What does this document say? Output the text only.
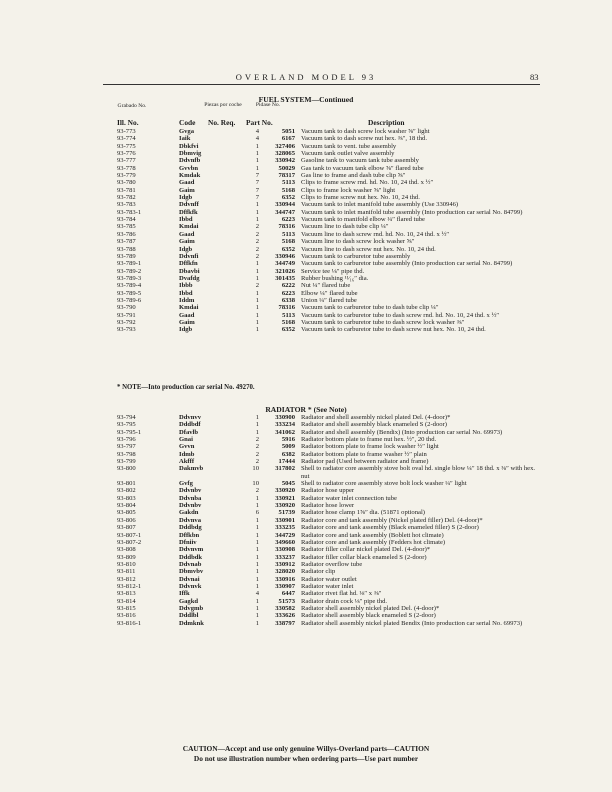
OVERLAND MODEL 93	83
FUEL SYSTEM—Continued
Grabado No.	Piezas por coche	Pidase No.
Ill. No.	Code No. Req. Part No.	Description
93-773	Gvga	4	5051 Vacuum tank to dash screw lock washer ⅝″ light
93-774	Iaik	4	6167 Vacuum tank to dash screw nut hex. ⅜″, 18 thd.
93-775	Dbkfvi	1	327406 Vacuum tank to vent. tube assembly
93-776	Dbmvig	1	328065 Vacuum tank outlet valve assembly
93-777	Ddvnfb	1	330942 Gasoline tank to vacuum tank tube assembly
93-778	Gvvbn	1	50029 Gas tank to vacuum tank elbow ⅝″ flared tube
93-779	Kmdak	7	78317 Gas line to frame and dash tube clip ⅝″
93-780	Gaad	7	5113 Clips to frame screw rnd. hd. No. 10, 24 thd. x ½″
93-781	Gaim	7	5168 Clips to frame lock washer ⅝″ light
93-782	Idgb	7	6352 Clips to frame screw nut hex. No. 10, 24 thd.
93-783	Ddvnff	1	330944 Vacuum tank to inlet manifold tube assembly (Use 330946)
93-783-1	Dffkfk	1	344747 Vacuum tank to inlet manifold tube assembly (Into production car serial No. 84799)
93-784	Ibbd	1	6223 Vacuum tank to manifold elbow ¼″ flared tube
93-785	Kmdai	2	78316 Vacuum line to dash tube clip ¼″
93-786	Gaad	2	5113 Vacuum line to dash screw rnd. hd. No. 10, 24 thd. x ½″
93-787	Gaim	2	5168 Vacuum line to dash screw lock washer ⅝″
93-788	Idgb	2	6352 Vacuum line to dash screw nut hex. No. 10, 24 thd.
93-789	Ddvnfi	2	330946 Vacuum tank to carburetor tube assembly
93-789-1	Dffkfn	1	344749 Vacuum tank to carburetor tube assembly (Into production car serial No. 84799)
93-789-2	Dbavbi	1	321026 Service tee ⅛″ pipe thd.
93-789-3	Dvafdg	1	301435 Rubber bushing ¹¹⁄₁₆″ dia.
93-789-4	Ibbb	2	6222 Nut ¼″ flared tube
93-789-5	Ibbd	1	6223 Elbow ¼″ flared tube
93-789-6	Iddm	1	6338 Union ¼″ flared tube
93-790	Kmdai	1	78316 Vacuum tank to carburetor tube to dash tube clip ¼″
93-791	Gaad	1	5113 Vacuum tank to carburetor tube to dash screw rnd. hd. No. 10, 24 thd. x ½″
93-792	Gaim	1	5168 Vacuum tank to carburetor tube to dash screw lock washer ⅜″
93-793	Idgb	1	6352 Vacuum tank to carburetor tube to dash screw nut hex. No. 10, 24 thd.
* NOTE—Into production car serial No. 49270.
RADIATOR * (See Note)
93-794	Ddvnvv	1	330900 Radiator and shell assembly nickel plated Del. (4-door)*
93-795	Dddbdf	1	333234 Radiator and shell assembly black enameled S (2-door)
93-795-1	Dfavlb	1	341062 Radiator and shell assembly (Bendix) (Into production car serial No. 69973)
93-796	Gnai	2	5916 Radiator bottom plate to frame nut hex. ½″, 20 thd.
93-797	Gvvn	2	5009 Radiator bottom plate to frame lock washer ½″ light
93-798	Idmb	2	6382 Radiator bottom plate to frame washer ½″ plain
93-799	Akfff	2	17444 Radiator pad (Used between radiator and frame)
93-800	Dakmvb	10	317802 Shell to radiator core assembly stove bolt oval hd. single blow ¼″ 18 thd. x ⅜″ with hex. nut
93-801	Gvfg	10	5045 Shell to radiator core assembly stove bolt lock washer ¼″ light
93-802	Ddvnbv	2	330920 Radiator hose upper
93-803	Ddvnba	1	330921 Radiator water inlet connection tube
93-804	Ddvnbv	1	330920 Radiator hose lower
93-805	Gakdn	6	51739 Radiator hose clamp 1⅝″ dia. (51871 optional)
93-806	Ddvnva	1	330901 Radiator core and tank assembly (Nickel plated filler) Del. (4-door)*
93-807	Dddbdg	1	333235 Radiator core and tank assembly (Black enameled filler) S (2-door)
93-807-1	Dffkbn	1	344729 Radiator core and tank assembly (Boblett hot climate)
93-807-2	Dfniiv	1	349660 Radiator core and tank assembly (Fedders hot climate)
93-808	Ddvnvm	1	330908 Radiator filler collar nickel plated Del. (4-door)*
93-809	Dddbdk	1	333237 Radiator filler collar black enameled S (2-door)
93-810	Ddvnab	1	330912 Radiator overflow tube
93-811	Dbmvbv	1	328020 Radiator clip
93-812	Ddvnai	1	330916 Radiator water outlet
93-812-1	Ddvnvk	1	330907 Radiator water inlet
93-813	Iffk	4	6447 Radiator rivet flat hd. ⅛″ x ⅜″
93-814	Gagkd	1	51573 Radiator drain cock ⅛″ pipe thd.
93-815	Ddvgmb	1	330582 Radiator shell assembly nickel plated Del. (4-door)*
93-816	Dddlbl	1	333626 Radiator shell assembly black enameled S (2-door)
93-816-1	Ddmknk	1	338797 Radiator shell assembly nickel plated Bendix (Into production car serial No. 69973)
CAUTION—Accept and use only genuine Willys-Overland parts—CAUTION
Do not use illustration number when ordering parts—Use part number
